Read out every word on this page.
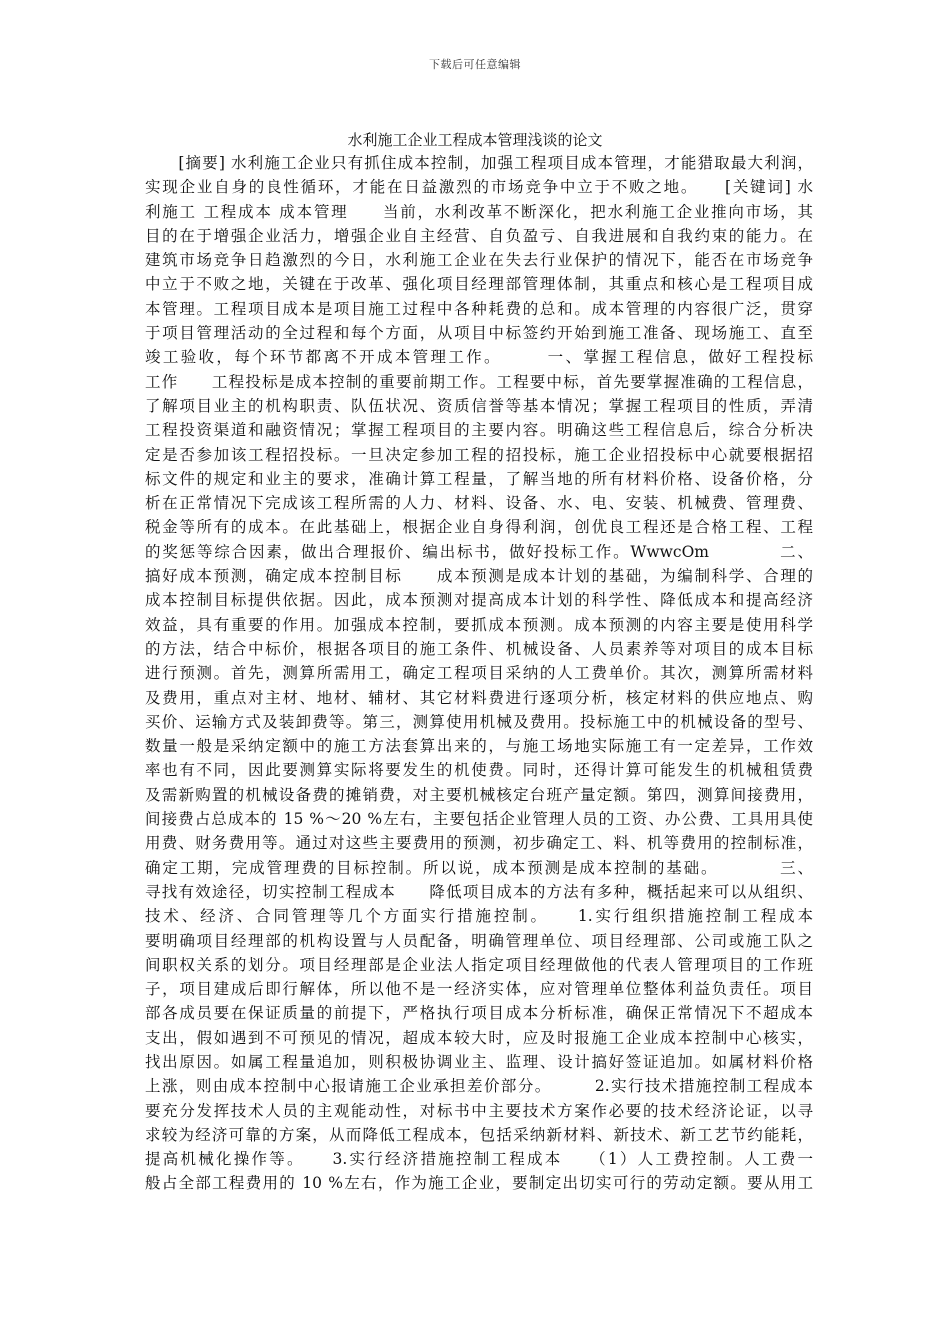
下载后可任意编辑
水利施工企业工程成本管理浅谈的论文
　　[摘要] 水利施工企业只有抓住成本控制，加强工程项目成本管理，才能猎取最大利润，
实现企业自身的良性循环，才能在日益激烈的市场竞争中立于不败之地。　　[关键词] 水
利施工 工程成本 成本管理　　当前，水利改革不断深化，把水利施工企业推向市场，其
目的在于增强企业活力，增强企业自主经营、自负盈亏、自我进展和自我约束的能力。在
建筑市场竞争日趋激烈的今日，水利施工企业在失去行业保护的情况下，能否在市场竞争
中立于不败之地，关键在于改革、强化项目经理部管理体制，其重点和核心是工程项目成
本管理。工程项目成本是项目施工过程中各种耗费的总和。成本管理的内容很广泛，贯穿
于项目管理活动的全过程和每个方面，从项目中标签约开始到施工准备、现场施工、直至
竣工验收，每个环节都离不开成本管理工作。　　　一、掌握工程信息，做好工程投标
工作　　工程投标是成本控制的重要前期工作。工程要中标，首先要掌握准确的工程信息，
了解项目业主的机构职责、队伍状况、资质信誉等基本情况；掌握工程项目的性质，弄清
工程投资渠道和融资情况；掌握工程项目的主要内容。明确这些工程信息后，综合分析决
定是否参加该工程招投标。一旦决定参加工程的招投标，施工企业招投标中心就要根据招
标文件的规定和业主的要求，准确计算工程量，了解当地的所有材料价格、设备价格，分
析在正常情况下完成该工程所需的人力、材料、设备、水、电、安装、机械费、管理费、
税金等所有的成本。在此基础上，根据企业自身得利润，创优良工程还是合格工程、工程
的奖惩等综合因素，做出合理报价、编出标书，做好投标工作。WwwcOm　　　　二、
搞好成本预测，确定成本控制目标　　成本预测是成本计划的基础，为编制科学、合理的
成本控制目标提供依据。因此，成本预测对提高成本计划的科学性、降低成本和提高经济
效益，具有重要的作用。加强成本控制，要抓成本预测。成本预测的内容主要是使用科学
的方法，结合中标价，根据各项目的施工条件、机械设备、人员素养等对项目的成本目标
进行预测。首先，测算所需用工，确定工程项目采纳的人工费单价。其次，测算所需材料
及费用，重点对主材、地材、辅材、其它材料费进行逐项分析，核定材料的供应地点、购
买价、运输方式及装卸费等。第三，测算使用机械及费用。投标施工中的机械设备的型号、
数量一般是采纳定额中的施工方法套算出来的，与施工场地实际施工有一定差异，工作效
率也有不同，因此要测算实际将要发生的机使费。同时，还得计算可能发生的机械租赁费
及需新购置的机械设备费的摊销费，对主要机械核定台班产量定额。第四，测算间接费用，
间接费占总成本的 15 %～20 %左右，主要包括企业管理人员的工资、办公费、工具用具使
用费、财务费用等。通过对这些主要费用的预测，初步确定工、料、机等费用的控制标准，
确定工期，完成管理费的目标控制。所以说，成本预测是成本控制的基础。　　　　三、
寻找有效途径，切实控制工程成本　　降低项目成本的方法有多种，概括起来可以从组织、
技术、经济、合同管理等几个方面实行措施控制。　　1.实行组织措施控制工程成本
要明确项目经理部的机构设置与人员配备，明确管理单位、项目经理部、公司或施工队之
间职权关系的划分。项目经理部是企业法人指定项目经理做他的代表人管理项目的工作班
子，项目建成后即行解体，所以他不是一经济实体，应对管理单位整体利益负责任。项目
部各成员要在保证质量的前提下，严格执行项目成本分析标准，确保正常情况下不超成本
支出，假如遇到不可预见的情况，超成本较大时，应及时报施工企业成本控制中心核实，
找出原因。如属工程量追加，则积极协调业主、监理、设计搞好签证追加。如属材料价格
上涨，则由成本控制中心报请施工企业承担差价部分。　　　2.实行技术措施控制工程成本
要充分发挥技术人员的主观能动性，对标书中主要技术方案作必要的技术经济论证，以寻
求较为经济可靠的方案，从而降低工程成本，包括采纳新材料、新技术、新工艺节约能耗，
提高机械化操作等。　　3.实行经济措施控制工程成本　　（1）人工费控制。人工费一
般占全部工程费用的 10 %左右，作为施工企业，要制定出切实可行的劳动定额。要从用工
